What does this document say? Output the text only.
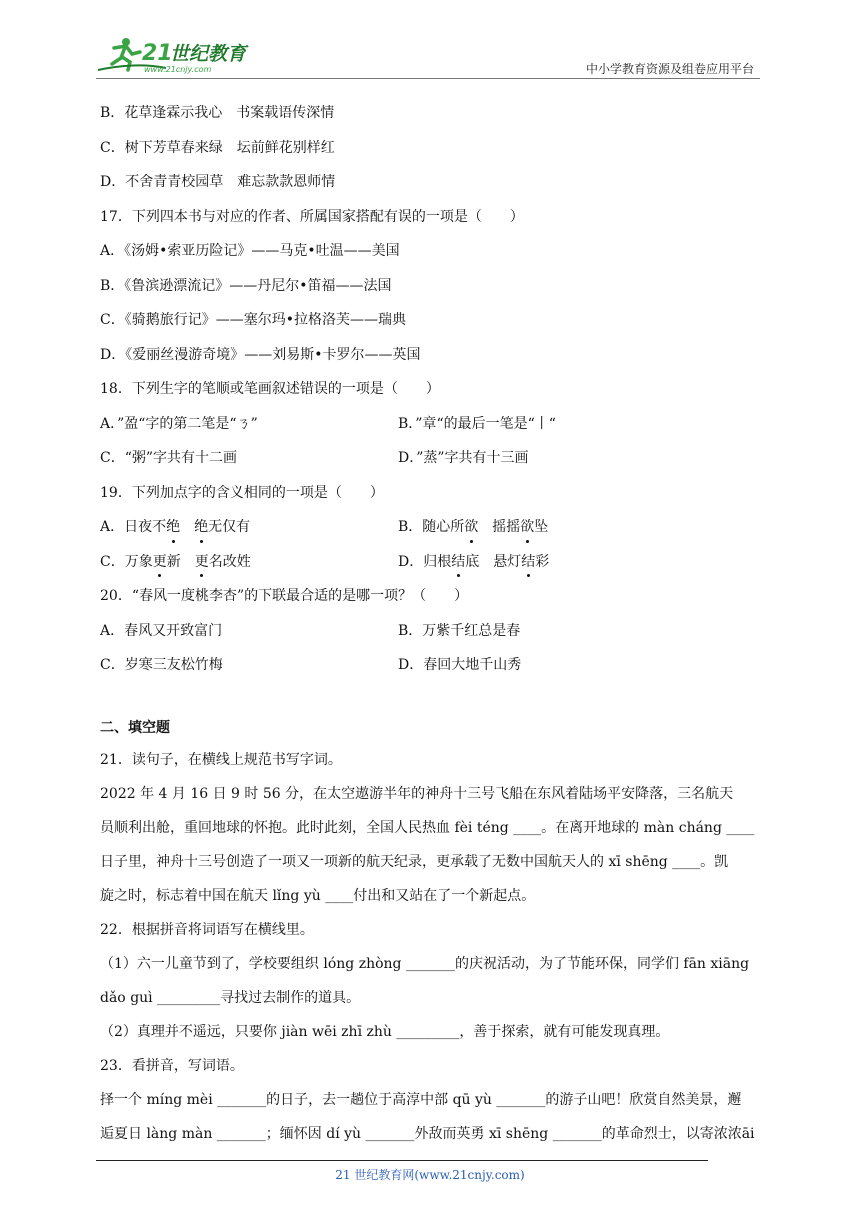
21
世纪教育
www.21cnjy.com	中小学教育资源及组卷应用平台
B．花草逢霖示我心　书案载语传深情
C．树下芳草春来绿　坛前鲜花别样红
D．不舍青青校园草　难忘款款恩师情
17．下列四本书与对应的作者、所属国家搭配有误的一项是（　　）
A．《汤姆•索亚历险记》——马克•吐温——美国
B．《鲁滨逊漂流记》——丹尼尔•笛福——法国
C．《骑鹅旅行记》——塞尔玛•拉格洛芙——瑞典
D．《爱丽丝漫游奇境》——刘易斯•卡罗尔——英国
18．下列生字的笔顺或笔画叙述错误的一项是（　　）
A．”盈“字的第二笔是“ㄋ”	B．”章“的最后一笔是“丨“
C．“粥”字共有十二画	D．”蒸”字共有十三画
19．下列加点字的含义相同的一项是（　　）
A．日夜不绝　 绝无仅有	B．随心所欲　摇摇欲坠
C．万象更新　更名改姓	D．归根结底　悬灯结彩
20．“春风一度桃李杏”的下联最合适的是哪一项？（　　）
A．春风又开致富门	B．万紫千红总是春
C．岁寒三友松竹梅	D．春回大地千山秀
二、填空题
21．读句子，在横线上规范书写字词。
2022 年 4 月 16 日 9 时 56 分，在太空遨游半年的神舟十三号飞船在东风着陆场平安降落，三名航天
员顺利出舱，重回地球的怀抱。此时此刻，全国人民热血 fèi téng ____。在离开地球的 màn cháng ____
日子里，神舟十三号创造了一项又一项新的航天纪录，更承载了无数中国航天人的 xī shēng ____。凯
旋之时，标志着中国在航天 lǐng yù ____付出和又站在了一个新起点。
22．根据拼音将词语写在横线里。
（1）六一儿童节到了，学校要组织 lóng zhòng _______的庆祝活动，为了节能环保，同学们 fān xiāng
dǎo guì _________寻找过去制作的道具。
（2）真理并不遥远，只要你 jiàn wēi zhī zhù _________，善于探索，就有可能发现真理。
23．看拼音，写词语。
择一个 míng mèi _______的日子，去一趟位于高淳中部 qū yù _______的游子山吧！欣赏自然美景，邂
逅夏日 làng màn _______；缅怀因 dí yù _______外敌而英勇 xī shēng _______的革命烈士，以寄浓浓āi
21 世纪教育网(www.21cnjy.com)
